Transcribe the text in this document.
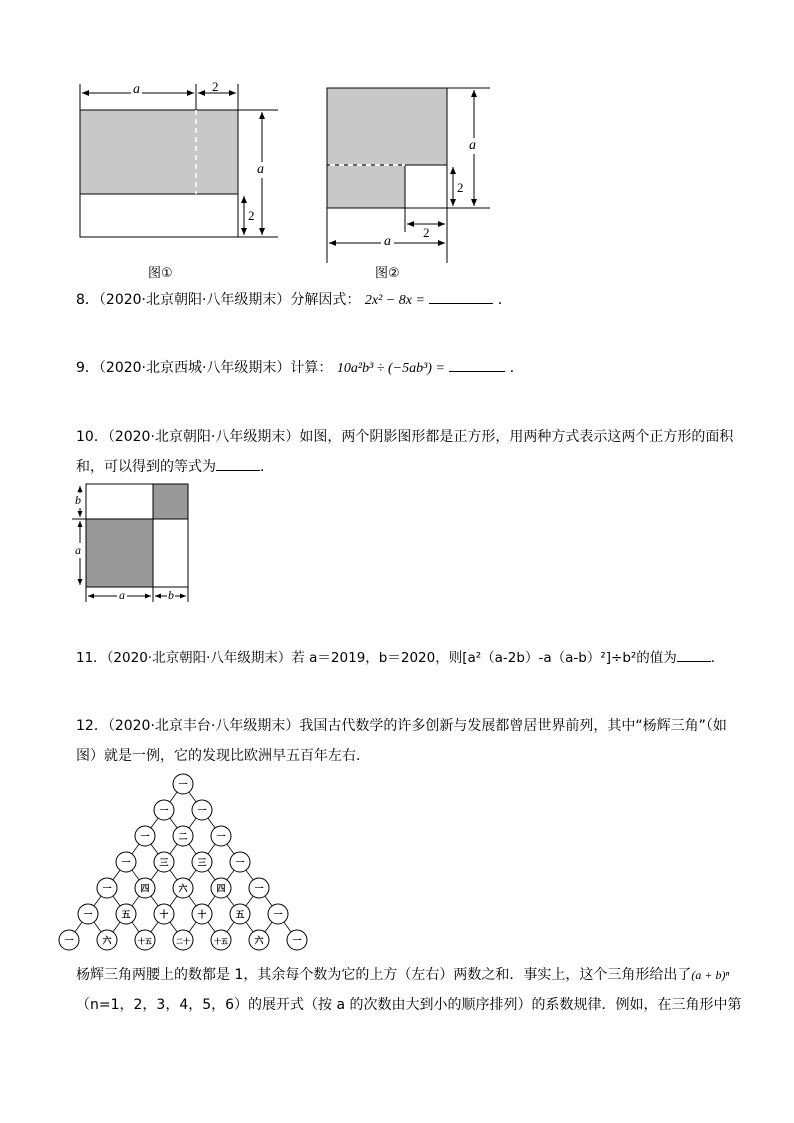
a	2
a
2
图①
a
2
2
a
图②
8．（2020·北京朝阳·八年级期末）分解因式： 2x² − 8x =	．
9．（2020·北京西城·八年级期末）计算： 10a²b³ ÷ (−5ab³) =	．
10．（2020·北京朝阳·八年级期末）如图，两个阴影图形都是正方形，用两种方式表示这两个正方形的面积
和，可以得到的等式为	．
b
a
a	b
11．（2020·北京朝阳·八年级期末）若 a＝2019，b＝2020，则[a²（a-2b）-a（a-b）²]÷b²的值为	．
12．（2020·北京丰台·八年级期末）我国古代数学的许多创新与发展都曾居世界前列，其中“杨辉三角”（如
图）就是一例，它的发现比欧洲早五百年左右．
一
一	一
一	二	一
一	三	三	一
一	四	六	四	一
一	五	十	十	五	一
一	六	十五	二十	十五	六	一
杨辉三角两腰上的数都是 1，其余每个数为它的上方（左右）两数之和．事实上，这个三角形给出了(a + b)ⁿ
（n=1，2，3，4，5，6）的展开式（按 a 的次数由大到小的顺序排列）的系数规律．例如，在三角形中第
